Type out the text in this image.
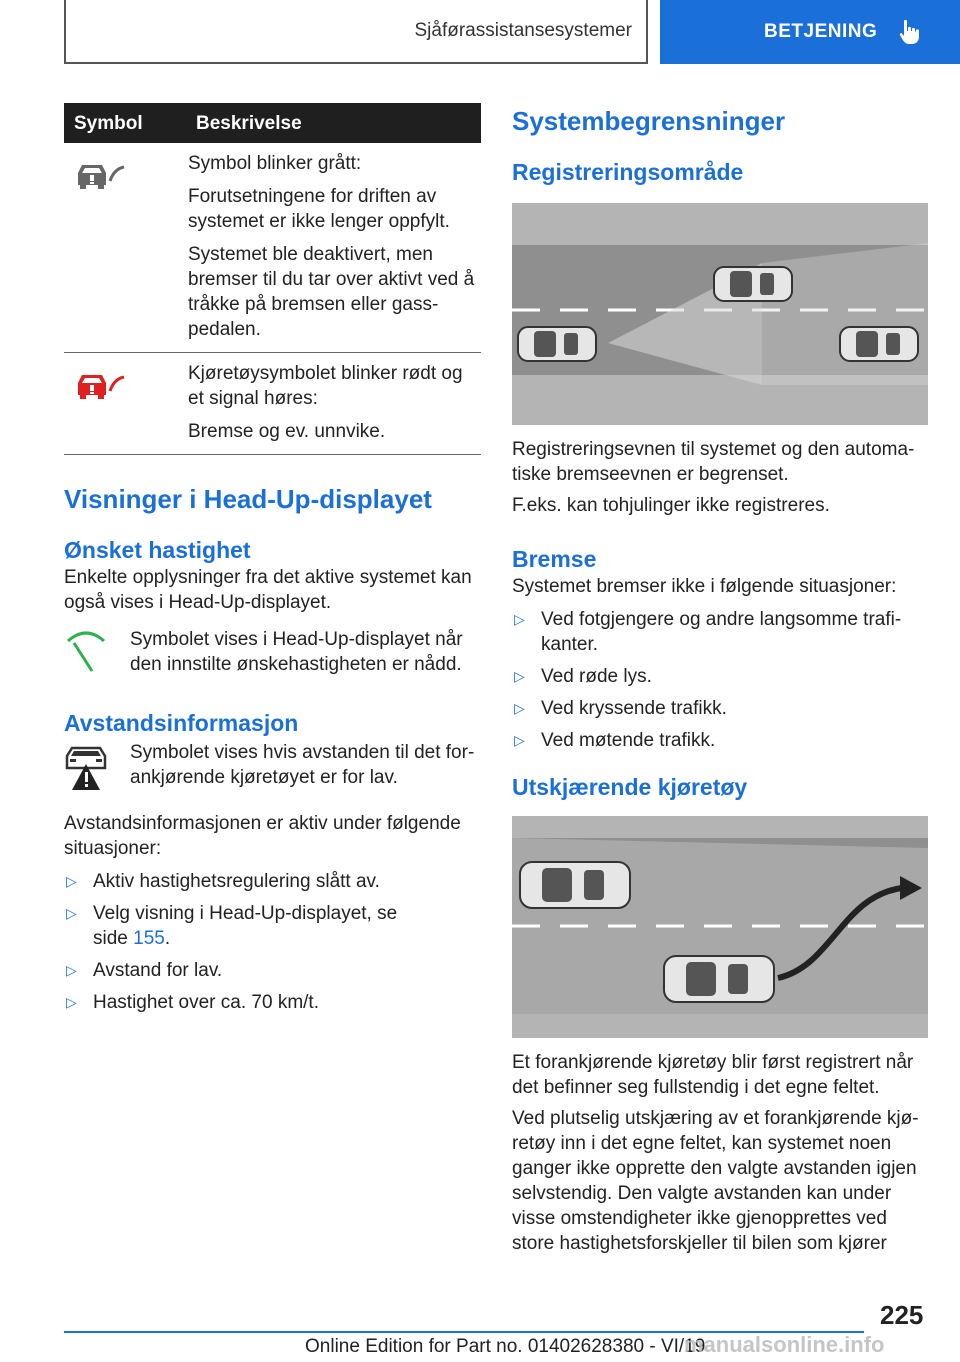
Sjåførassistansesystemer	BETJENING
Symbol	Beskrivelse

Symbol blinker grått:

Forutsetningene for driften av systemet er ikke lenger oppfylt.

Systemet ble deaktivert, men bremser til du tar over aktivt ved å tråkke på bremsen eller gasspedalen.

Kjøretøysymbolet blinker rødt og et signal høres:

Bremse og ev. unnvike.

Visninger i Head-Up-displayet
Ønsket hastighet

Enkelte opplysninger fra det aktive systemet kan også vises i Head-Up-displayet.

Symbolet vises i Head-Up-displayet når den innstilte ønskehastigheten er nådd.

Avstandsinformasjon

Symbolet vises hvis avstanden til det forankjørende kjøretøyet er for lav.

Avstandsinformasjonen er aktiv under følgende situasjoner:

▷ Aktiv hastighetsregulering slått av.
▷ Velg visning i Head-Up-displayet, se
side 155.
▷ Avstand for lav.
▷ Hastighet over ca. 70 km/t.
Systembegrensninger
Registreringsområde

Registreringsevnen til systemet og den automatiske bremseevnen er begrenset.

F.eks. kan tohjulinger ikke registreres.

Bremse

Systemet bremser ikke i følgende situasjoner:

▷ Ved fotgjengere og andre langsomme trafikanter.
▷ Ved røde lys.
▷ Ved kryssende trafikk.
▷ Ved møtende trafikk.
Utskjærende kjøretøy

Et forankjørende kjøretøy blir først registrert når det befinner seg fullstendig i det egne feltet.

Ved plutselig utskjæring av et forankjørende kjøretøy inn i det egne feltet, kan systemet noen ganger ikke opprette den valgte avstanden igjen selvstendig. Den valgte avstanden kan under visse omstendigheter ikke gjenopprettes ved store hastighetsforskjeller til bilen som kjører

225
Online Edition for Part no. 01402628380 - VI/19
manualsonline.info
